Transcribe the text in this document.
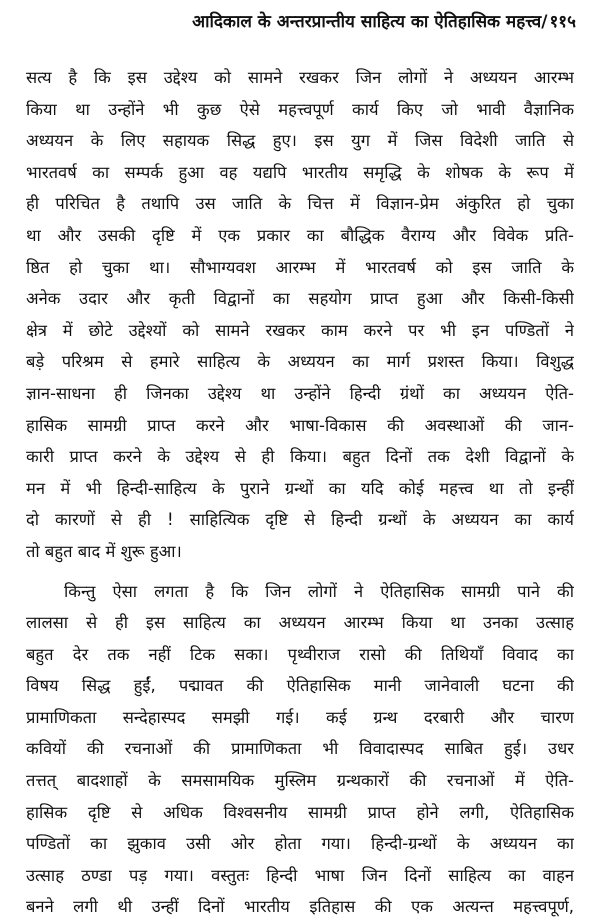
आदिकाल के अन्तरप्रान्तीय साहित्य का ऐतिहासिक महत्त्व/ ११५
सत्य है कि इस उद्देश्य को सामने रखकर जिन लोगों ने अध्ययन आरम्भ
किया था उन्होंने भी कुछ ऐसे महत्त्वपूर्ण कार्य किए जो भावी वैज्ञानिक
अध्ययन के लिए सहायक सिद्ध हुए। इस युग में जिस विदेशी जाति से
भारतवर्ष का सम्पर्क हुआ वह यद्यपि भारतीय समृद्धि के शोषक के रूप में
ही परिचित है तथापि उस जाति के चित्त में विज्ञान-प्रेम अंकुरित हो चुका
था और उसकी दृष्टि में एक प्रकार का बौद्धिक वैराग्य और विवेक प्रति-
ष्ठित हो चुका था। सौभाग्यवश आरम्भ में भारतवर्ष को इस जाति के
अनेक उदार और कृती विद्वानों का सहयोग प्राप्त हुआ और किसी-किसी
क्षेत्र में छोटे उद्देश्यों को सामने रखकर काम करने पर भी इन पण्डितों ने
बड़े परिश्रम से हमारे साहित्य के अध्ययन का मार्ग प्रशस्त किया। विशुद्ध
ज्ञान-साधना ही जिनका उद्देश्य था उन्होंने हिन्दी ग्रंथों का अध्ययन ऐति-
हासिक सामग्री प्राप्त करने और भाषा-विकास की अवस्थाओं की जान-
कारी प्राप्त करने के उद्देश्य से ही किया। बहुत दिनों तक देशी विद्वानों के
मन में भी हिन्दी-साहित्य के पुराने ग्रन्थों का यदि कोई महत्त्व था तो इन्हीं
दो कारणों से ही ! साहित्यिक दृष्टि से हिन्दी ग्रन्थों के अध्ययन का कार्य
तो बहुत बाद में शुरू हुआ।
किन्तु ऐसा लगता है कि जिन लोगों ने ऐतिहासिक सामग्री पाने की
लालसा से ही इस साहित्य का अध्ययन आरम्भ किया था उनका उत्साह
बहुत देर तक नहीं टिक सका। पृथ्वीराज रासो की तिथियाँ विवाद का
विषय सिद्ध हुईं, पद्मावत की ऐतिहासिक मानी जानेवाली घटना की
प्रामाणिकता सन्देहास्पद समझी गई। कई ग्रन्थ दरबारी और चारण
कवियों की रचनाओं की प्रामाणिकता भी विवादास्पद साबित हुई। उधर
तत्तत् बादशाहों के समसामयिक मुस्लिम ग्रन्थकारों की रचनाओं में ऐति-
हासिक दृष्टि से अधिक विश्वसनीय सामग्री प्राप्त होने लगी, ऐतिहासिक
पण्डितों का झुकाव उसी ओर होता गया। हिन्दी-ग्रन्थों के अध्ययन का
उत्साह ठण्डा पड़ गया। वस्तुतः हिन्दी भाषा जिन दिनों साहित्य का वाहन
बनने लगी थी उन्हीं दिनों भारतीय इतिहास की एक अत्यन्त महत्त्वपूर्ण,
